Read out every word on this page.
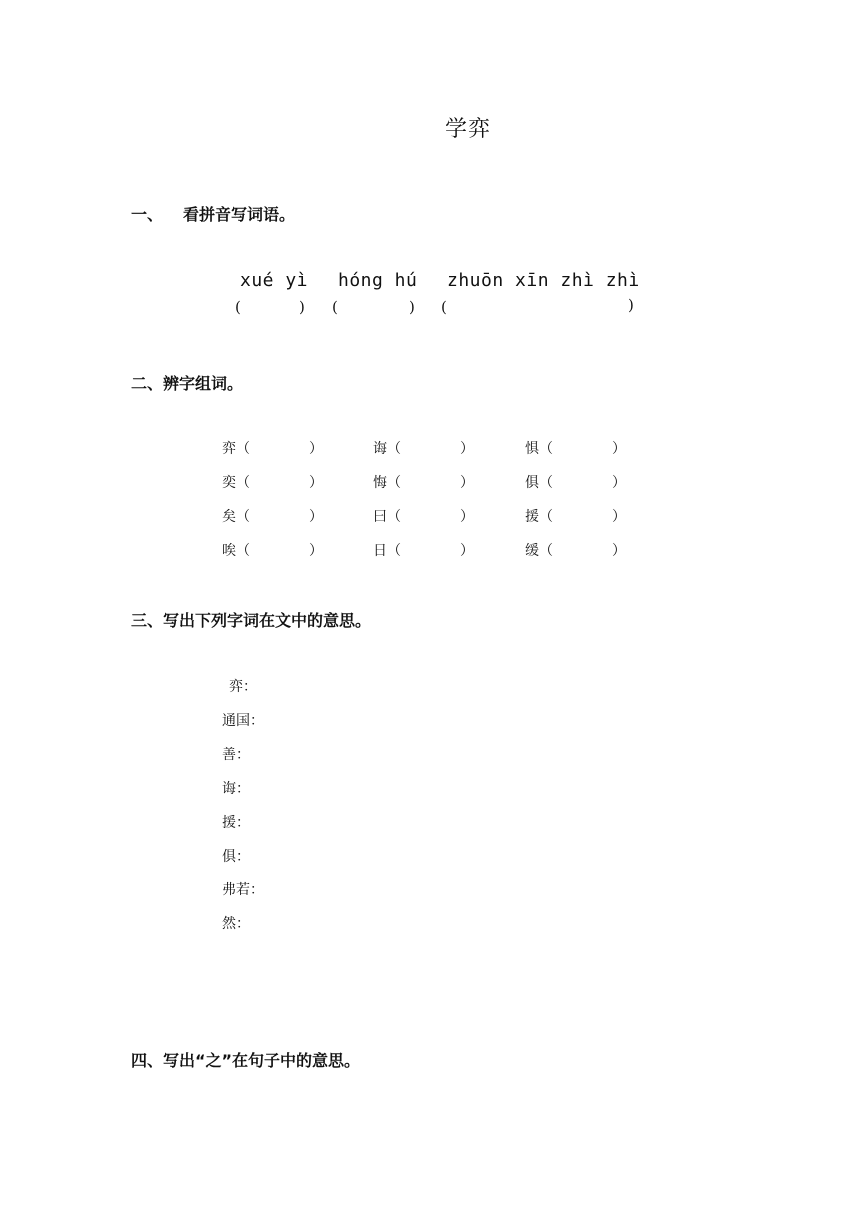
学弈
一、 看拼音写词语。
xué yì hóng hú zhuōn xīn zhì zhì
(	) (	) (	)
二、辨字组词。
弈（	）	诲（	）	惧（	）
奕（	）	悔（	）	俱（	）
矣（	）	曰（	）	援（	）
唉（	）	日（	）	缓（	）
三、写出下列字词在文中的意思。
弈：
通国：
善：
诲：
援：
俱：
弗若：
然：
四、写出“之”在句子中的意思。
